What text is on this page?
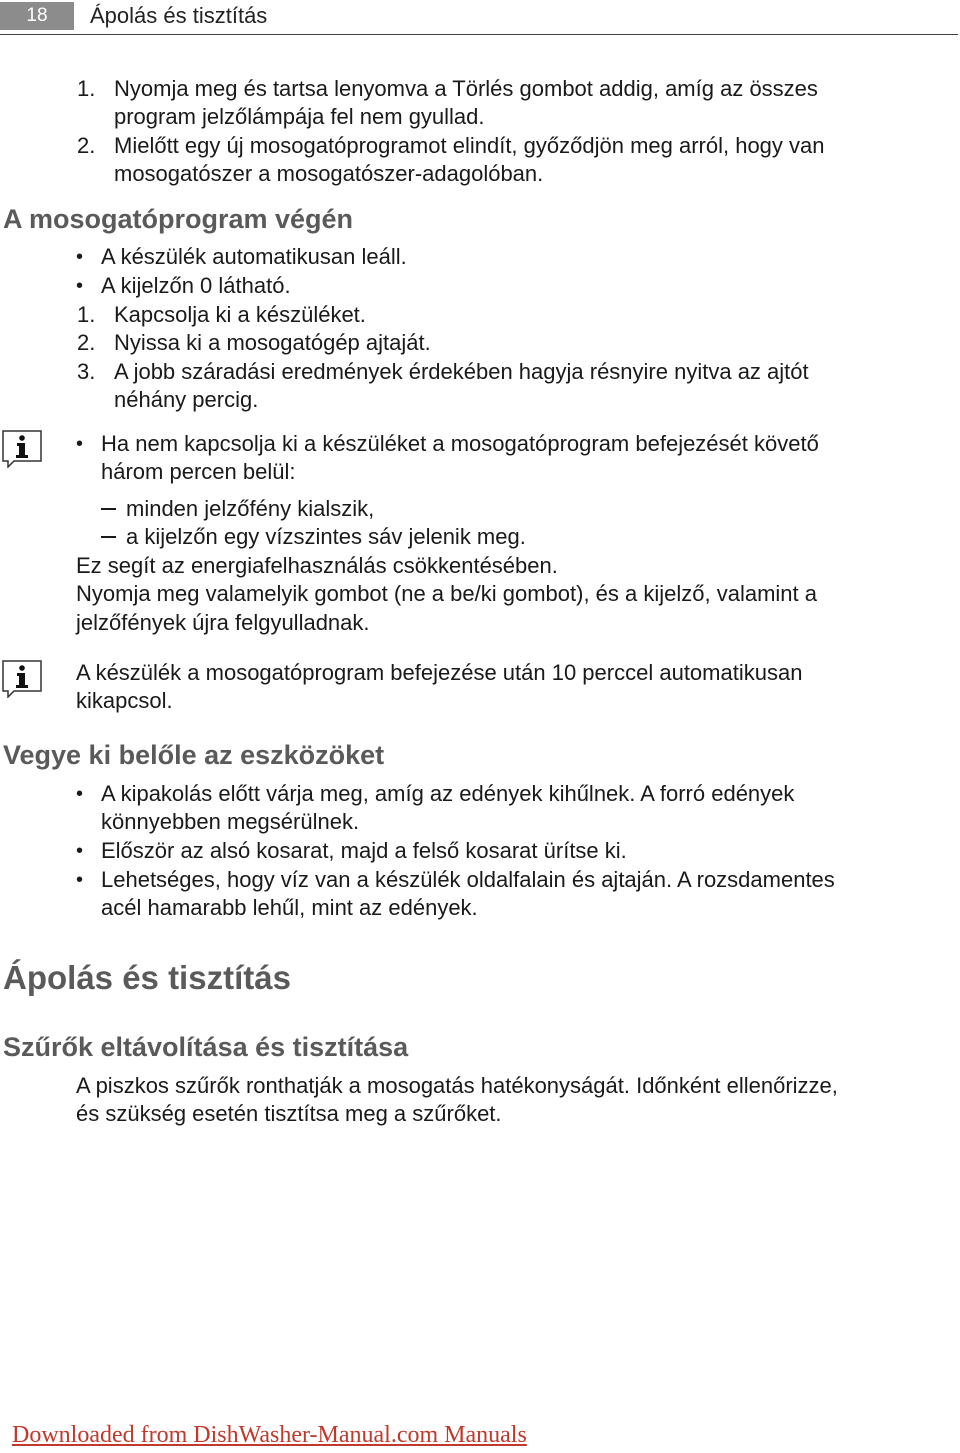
18	Ápolás és tisztítás
1. Nyomja meg és tartsa lenyomva a Törlés gombot addig, amíg az összes
program jelzőlámpája fel nem gyullad.
2. Mielőtt egy új mosogatóprogramot elindít, győződjön meg arról, hogy van
mosogatószer a mosogatószer-adagolóban.
A mosogatóprogram végén
• A készülék automatikusan leáll.
• A kijelzőn 0 látható.
1. Kapcsolja ki a készüléket.
2. Nyissa ki a mosogatógép ajtaját.
3. A jobb száradási eredmények érdekében hagyja résnyire nyitva az ajtót
néhány percig.
• Ha nem kapcsolja ki a készüléket a mosogatóprogram befejezését követő
három percen belül:
minden jelzőfény kialszik,
a kijelzőn egy vízszintes sáv jelenik meg.
Ez segít az energiafelhasználás csökkentésében.
Nyomja meg valamelyik gombot (ne a be/ki gombot), és a kijelző, valamint a
jelzőfények újra felgyulladnak.
A készülék a mosogatóprogram befejezése után 10 perccel automatikusan
kikapcsol.
Vegye ki belőle az eszközöket
• A kipakolás előtt várja meg, amíg az edények kihűlnek. A forró edények
könnyebben megsérülnek.
• Először az alsó kosarat, majd a felső kosarat ürítse ki.
• Lehetséges, hogy víz van a készülék oldalfalain és ajtaján. A rozsdamentes
acél hamarabb lehűl, mint az edények.
Ápolás és tisztítás
Szűrők eltávolítása és tisztítása
A piszkos szűrők ronthatják a mosogatás hatékonyságát. Időnként ellenőrizze,
és szükség esetén tisztítsa meg a szűrőket.
Downloaded from DishWasher-Manual.com Manuals
